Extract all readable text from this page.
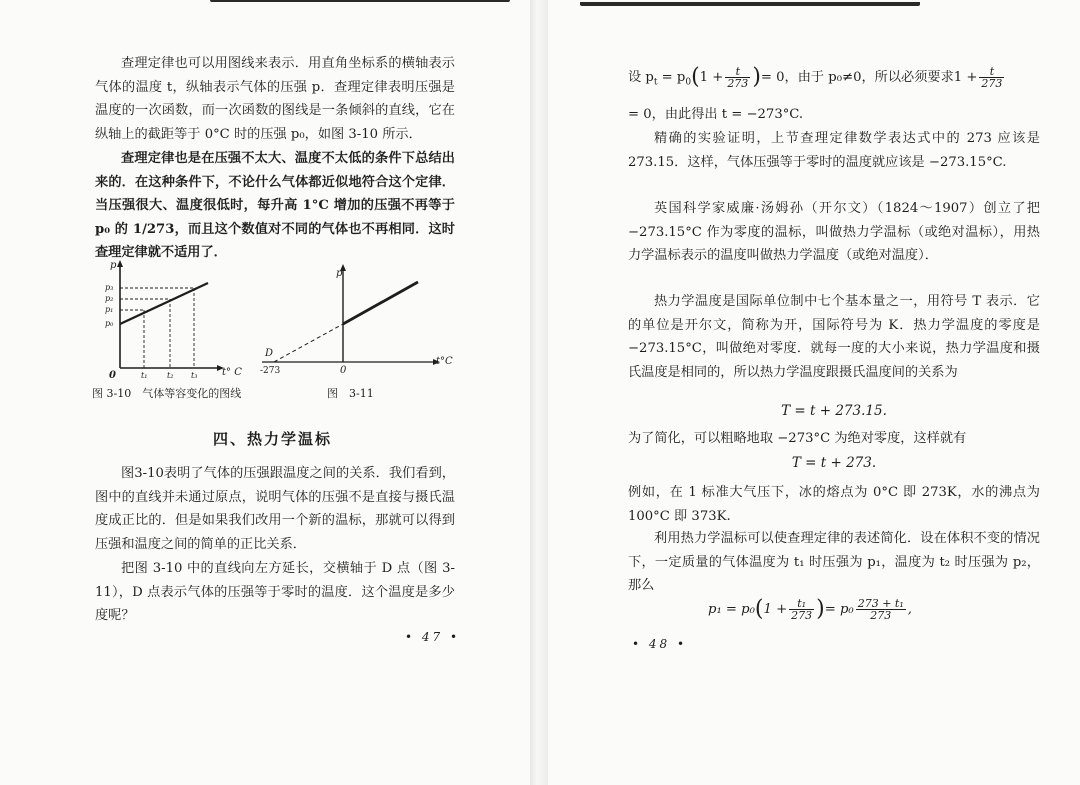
查理定律也可以用图线来表示．用直角坐标系的横轴表示气体的温度 t，纵轴表示气体的压强 p．查理定律表明压强是温度的一次函数，而一次函数的图线是一条倾斜的直线，它在纵轴上的截距等于 0°C 时的压强 p₀，如图 3-10 所示．

查理定律也是在压强不太大、温度不太低的条件下总结出来的．在这种条件下，不论什么气体都近似地符合这个定律．当压强很大、温度很低时，每升高 1°C 增加的压强不再等于 p₀ 的 1/273，而且这个数值对不同的气体也不再相同．这时查理定律就不适用了．

p
p₃
p₂
p₁
p₀
0	t₁ t₂ t₃ t° C
p
D
-273	0
t°C
图 3-10　气体等容变化的图线	图　3-11
四、热力学温标

图3-10表明了气体的压强跟温度之间的关系．我们看到，图中的直线并未通过原点，说明气体的压强不是直接与摄氏温度成正比的．但是如果我们改用一个新的温标，那就可以得到压强和温度之间的简单的正比关系．

把图 3-10 中的直线向左方延长，交横轴于 D 点（图 3-11），D 点表示气体的压强等于零时的温度．这个温度是多少度呢？

• 47 •
设 $p_t = p_0(1 + \frac{t}{273}$ )= 0，由于 p₀≠0，所以必须要求$1 + \frac{t}{273}$

= 0，由此得出 t = −273°C.

精确的实验证明，上节查理定律数学表达式中的 273 应该是 273.15．这样，气体压强等于零时的温度就应该是 −273.15°C.

英国科学家威廉·汤姆孙（开尔文）（1824～1907）创立了把 −273.15°C 作为零度的温标，叫做热力学温标（或绝对温标），用热力学温标表示的温度叫做热力学温度（或绝对温度）．

热力学温度是国际单位制中七个基本量之一，用符号 T 表示．它的单位是开尔文，简称为开，国际符号为 K．热力学温度的零度是 −273.15°C，叫做绝对零度．就每一度的大小来说，热力学温度和摄氏温度是相同的，所以热力学温度跟摄氏温度间的关系为

T = t + 273.15.

为了简化，可以粗略地取 −273°C 为绝对零度，这样就有

T = t + 273.

例如，在 1 标准大气压下，冰的熔点为 0°C 即 273K，水的沸点为 100°C 即 373K.

利用热力学温标可以使查理定律的表述简化．设在体积不变的情况下，一定质量的气体温度为 t₁ 时压强为 p₁，温度为 t₂ 时压强为 p₂，那么

$p_1 = p_0(1 + \frac{\text{t₁}}{273}$ )= $p_0 \frac{\text{273 + t₁}}{273}$ ,
• 48 •
